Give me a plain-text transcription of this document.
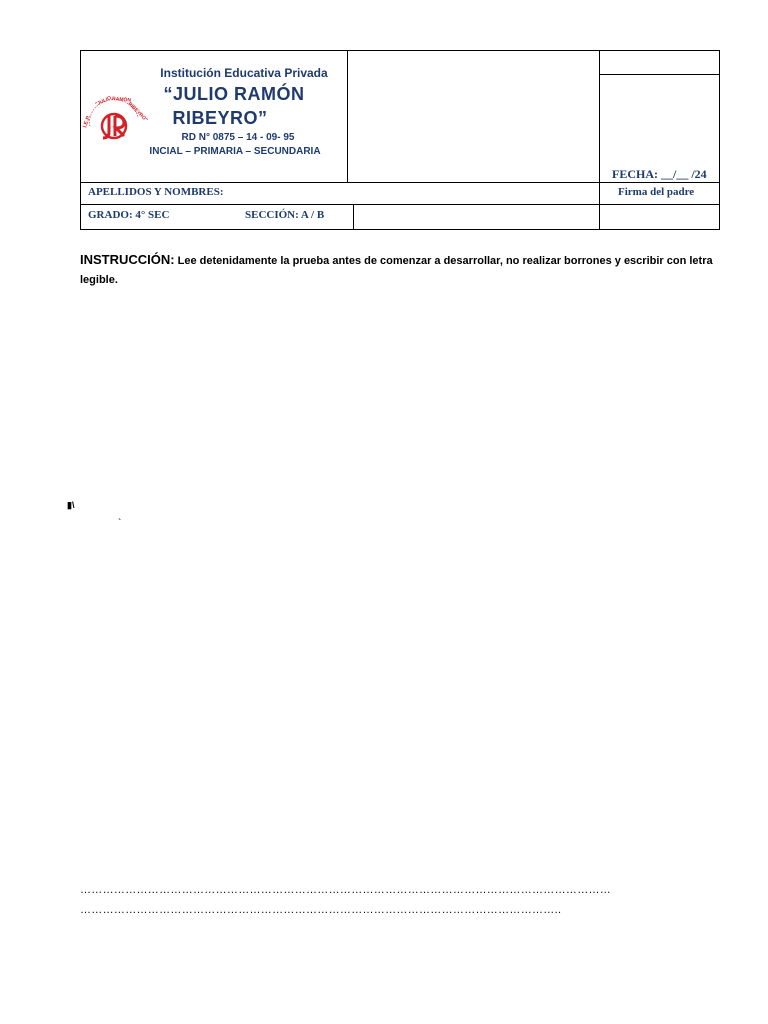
I.E.P.
"JULIO RAMÓN
RIBEYRO"
Institución Educativa Privada
“JULIO RAMÓN
RIBEYRO”
RD N° 0875 – 14 - 09- 95
INCIAL – PRIMARIA – SECUNDARIA
FECHA: __/__ /24
Firma del padre
APELLIDOS Y NOMBRES:
GRADO: 4° SEC	SECCIÓN: A / B
INSTRUCCIÓN: Lee detenidamente la prueba antes de comenzar a desarrollar, no realizar borrones y escribir con letra legible.
▮\
`
……………………………………………………………………………………………………………………………
………………………………………………………………………………………………………………..
